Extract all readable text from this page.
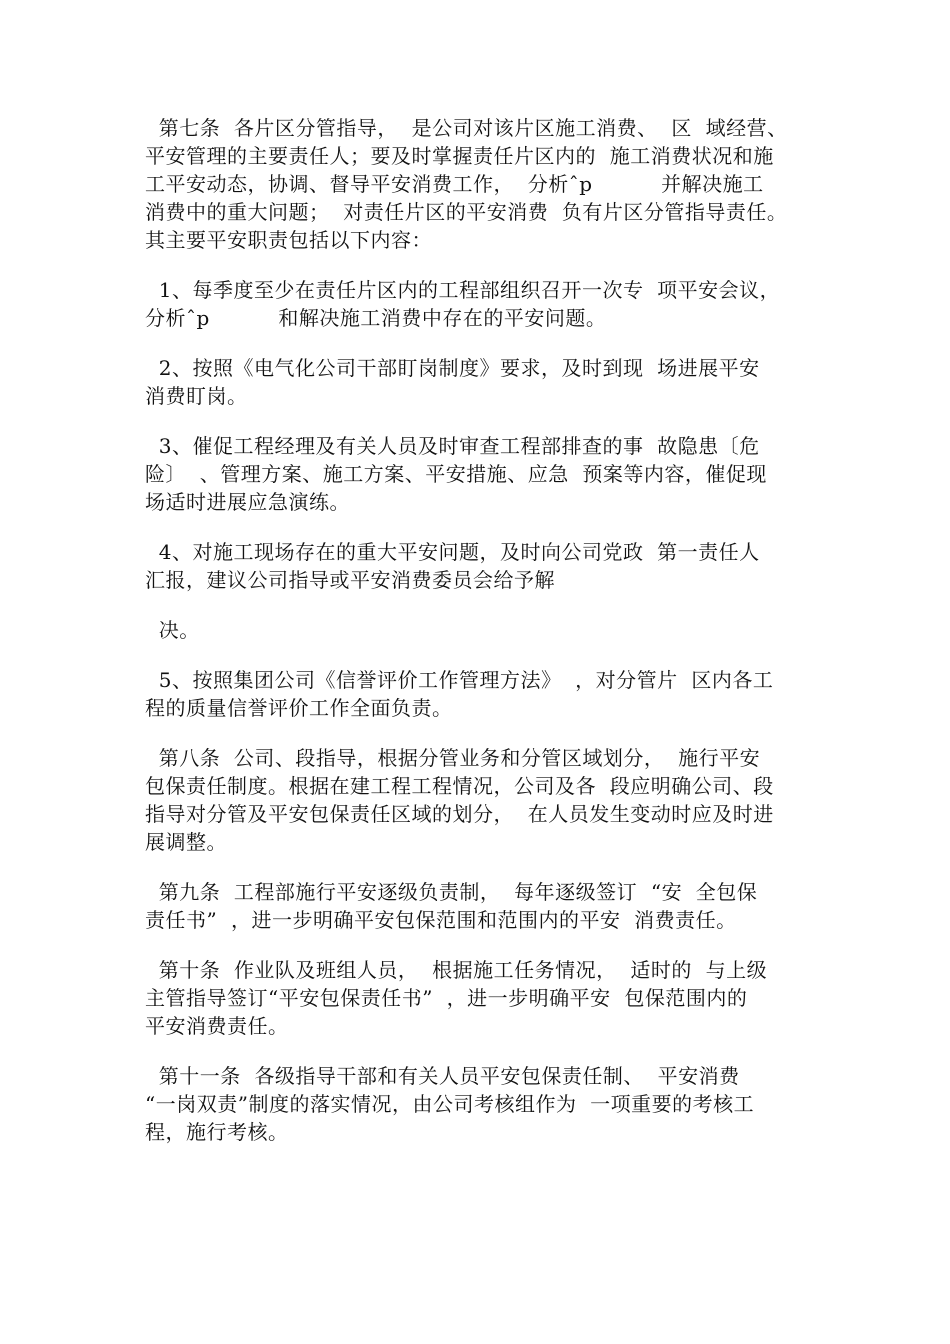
第七条  各片区分管指导，  是公司对该片区施工消费、  区  域经营、
平安管理的主要责任人；要及时掌握责任片区内的  施工消费状况和施
工平安动态，协调、督导平安消费工作，  分析ˆp          并解决施工
消费中的重大问题；  对责任片区的平安消费  负有片区分管指导责任。
其主要平安职责包括以下内容：
1、每季度至少在责任片区内的工程部组织召开一次专  项平安会议，
分析ˆp          和解决施工消费中存在的平安问题。
2、按照《电气化公司干部盯岗制度》要求，及时到现  场进展平安
消费盯岗。
3、催促工程经理及有关人员及时审查工程部排查的事  故隐患〔危
险〕  、管理方案、施工方案、平安措施、应急  预案等内容，催促现
场适时进展应急演练。
4、对施工现场存在的重大平安问题，及时向公司党政  第一责任人
汇报，建议公司指导或平安消费委员会给予解
决。
5、按照集团公司《信誉评价工作管理方法》  ，对分管片  区内各工
程的质量信誉评价工作全面负责。
第八条  公司、段指导，根据分管业务和分管区域划分，  施行平安
包保责任制度。根据在建工程工程情况，公司及各  段应明确公司、段
指导对分管及平安包保责任区域的划分，  在人员发生变动时应及时进
展调整。
第九条  工程部施行平安逐级负责制，  每年逐级签订  “安  全包保
责任书”  ，进一步明确平安包保范围和范围内的平安  消费责任。
第十条  作业队及班组人员，  根据施工任务情况，  适时的  与上级
主管指导签订“平安包保责任书”  ，进一步明确平安  包保范围内的
平安消费责任。
第十一条  各级指导干部和有关人员平安包保责任制、  平安消费
“一岗双责”制度的落实情况，由公司考核组作为  一项重要的考核工
程，施行考核。
